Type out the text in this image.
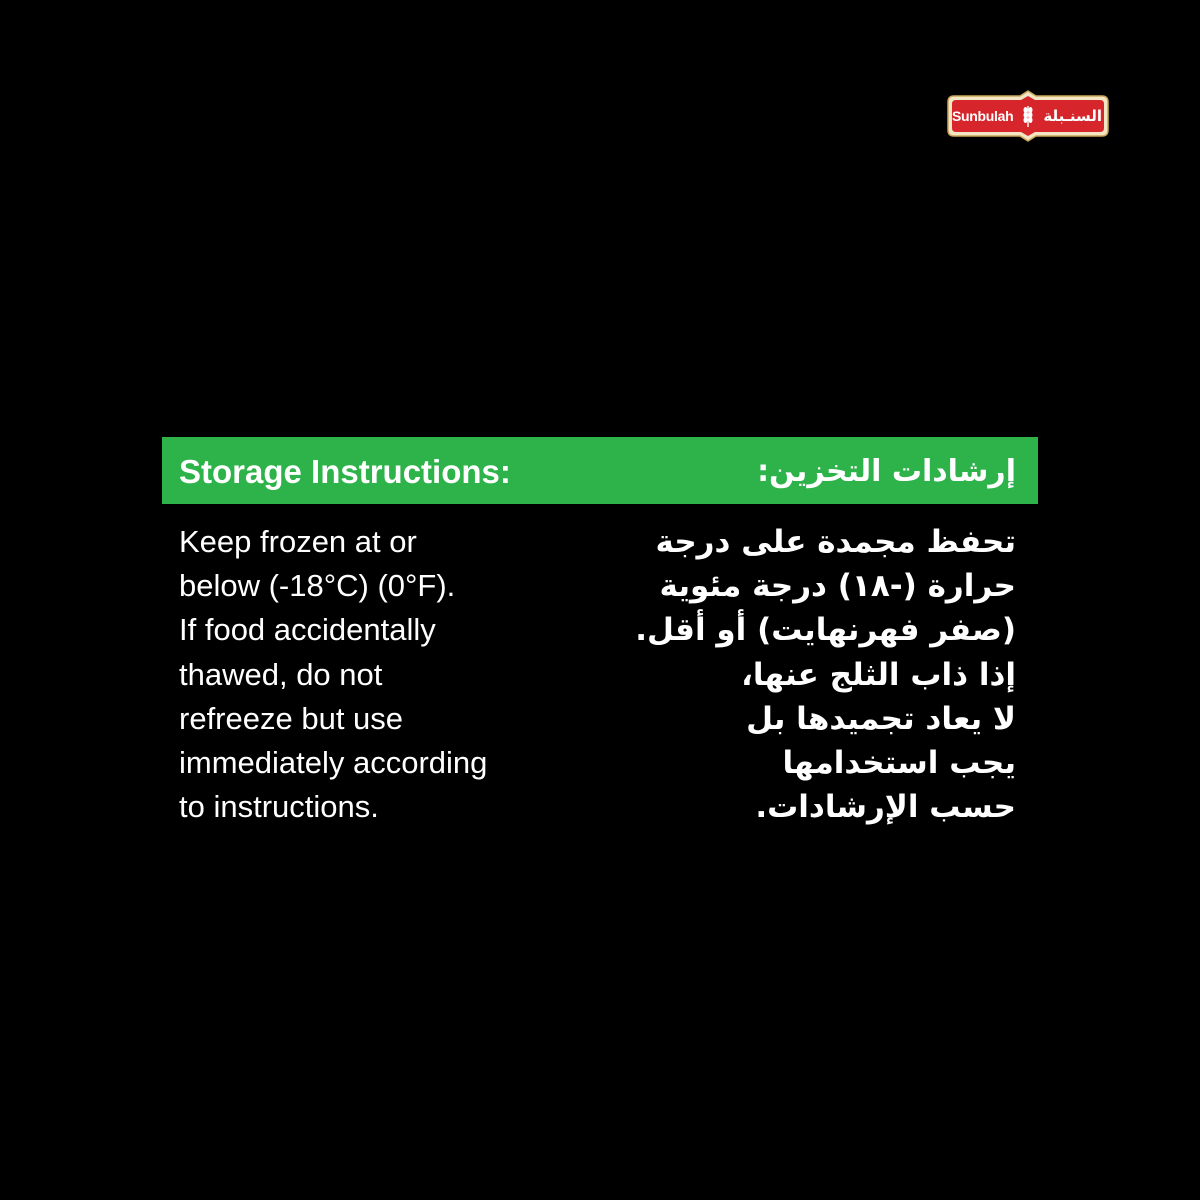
Sunbulah السنـبلة
Storage Instructions:	إرشادات التخزين:
Keep frozen at or
below (-18°C) (0°F).
If food accidentally
thawed, do not
refreeze but use
immediately according
to instructions.
تحفظ مجمدة على درجة
حرارة (-١٨) درجة مئوية
(صفر فهرنهايت) أو أقل.
إذا ذاب الثلج عنها،
لا يعاد تجميدها بل
يجب استخدامها
حسب الإرشادات.
